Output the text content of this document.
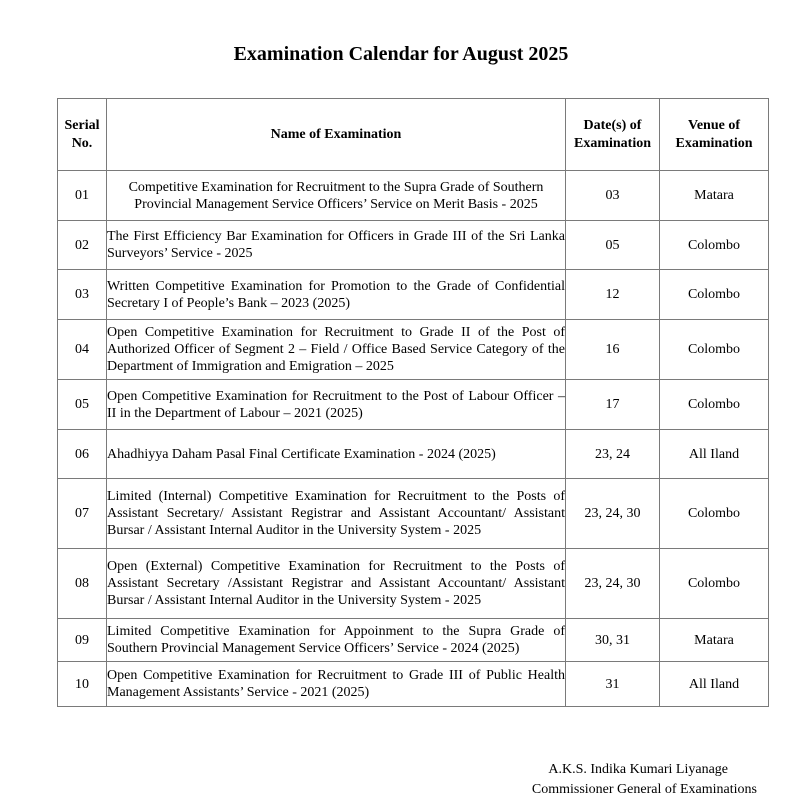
Examination Calendar for August 2025
Serial No.	Name of Examination	Date(s) of Examination	Venue of Examination
01	Competitive Examination for Recruitment to the Supra Grade of Southern Provincial Management Service Officers’ Service on Merit Basis - 2025	03	Matara
02	The First Efficiency Bar Examination for Officers in Grade III of the Sri Lanka Surveyors’ Service - 2025	05	Colombo
03	Written Competitive Examination for Promotion to the Grade of Confidential Secretary I of People’s Bank – 2023 (2025)	12	Colombo
04	Open Competitive Examination for Recruitment to Grade II of the Post of Authorized Officer of Segment 2 – Field / Office Based Service Category of the Department of Immigration and Emigration – 2025	16	Colombo
05	Open Competitive Examination for Recruitment to the Post of Labour Officer – II in the Department of Labour – 2021 (2025)	17	Colombo
06	Ahadhiyya Daham Pasal Final Certificate Examination - 2024 (2025)	23, 24	All Iland
07	Limited (Internal) Competitive Examination for Recruitment to the Posts of Assistant Secretary/ Assistant Registrar and Assistant Accountant/ Assistant Bursar / Assistant Internal Auditor in the University System - 2025	23, 24, 30	Colombo
08	Open (External) Competitive Examination for Recruitment to the Posts of Assistant Secretary /Assistant Registrar and Assistant Accountant/ Assistant Bursar / Assistant Internal Auditor in the University System - 2025	23, 24, 30	Colombo
09	Limited Competitive Examination for Appoinment to the Supra Grade of Southern Provincial Management Service Officers’ Service - 2024 (2025)	30, 31	Matara
10	Open Competitive Examination for Recruitment to Grade III of Public Health Management Assistants’ Service - 2021 (2025)	31	All Iland

A.K.S. Indika Kumari Liyanage

Commissioner General of Examinations
